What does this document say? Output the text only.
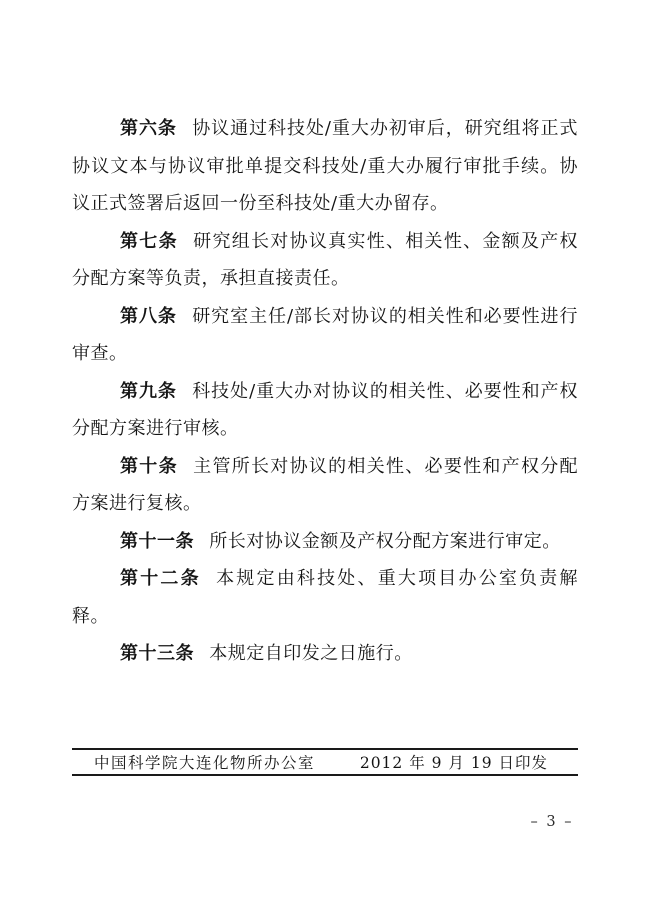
第六条 协议通过科技处/重大办初审后，研究组将正式协议文本与协议审批单提交科技处/重大办履行审批手续。协议正式签署后返回一份至科技处/重大办留存。

第七条 研究组长对协议真实性、相关性、金额及产权分配方案等负责，承担直接责任。

第八条 研究室主任/部长对协议的相关性和必要性进行审查。

第九条 科技处/重大办对协议的相关性、必要性和产权分配方案进行审核。

第十条 主管所长对协议的相关性、必要性和产权分配方案进行复核。

第十一条 所长对协议金额及产权分配方案进行审定。

第十二条 本规定由科技处、重大项目办公室负责解释。

第十三条 本规定自印发之日施行。

中国科学院大连化物所办公室	2012 年 9 月 19 日印发
– 3 –
